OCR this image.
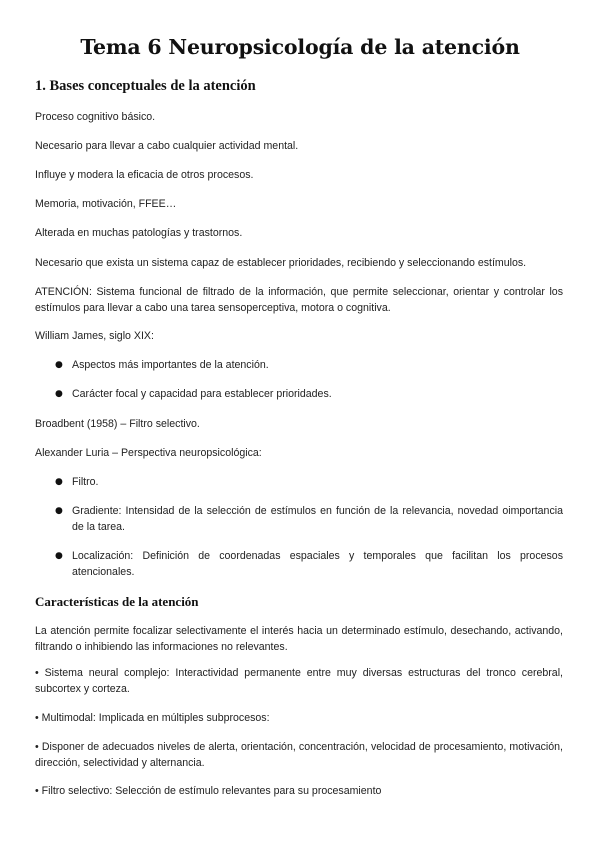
Tema 6 Neuropsicología de la atención
1. Bases conceptuales de la atención

Proceso cognitivo básico.

Necesario para llevar a cabo cualquier actividad mental.

Influye y modera la eficacia de otros procesos.

Memoria, motivación, FFEE…

Alterada en muchas patologías y trastornos.

Necesario que exista un sistema capaz de establecer prioridades, recibiendo y seleccionando estímulos.

ATENCIÓN: Sistema funcional de filtrado de la información, que permite seleccionar, orientar y controlar los estímulos para llevar a cabo una tarea sensoperceptiva, motora o cognitiva.

William James, siglo XIX:

● Aspectos más importantes de la atención.
● Carácter focal y capacidad para establecer prioridades.

Broadbent (1958) – Filtro selectivo.

Alexander Luria – Perspectiva neuropsicológica:

● Filtro.
● Gradiente: Intensidad de la selección de estímulos en función de la relevancia, novedad oimportancia de la tarea.
● Localización: Definición de coordenadas espaciales y temporales que facilitan los procesos atencionales.
Características de la atención

La atención permite focalizar selectivamente el interés hacia un determinado estímulo, desechando, activando, filtrando o inhibiendo las informaciones no relevantes.

• Sistema neural complejo: Interactividad permanente entre muy diversas estructuras del tronco cerebral, subcortex y corteza.

• Multimodal: Implicada en múltiples subprocesos:

• Disponer de adecuados niveles de alerta, orientación, concentración, velocidad de procesamiento, motivación, dirección, selectividad y alternancia.

• Filtro selectivo: Selección de estímulo relevantes para su procesamiento
